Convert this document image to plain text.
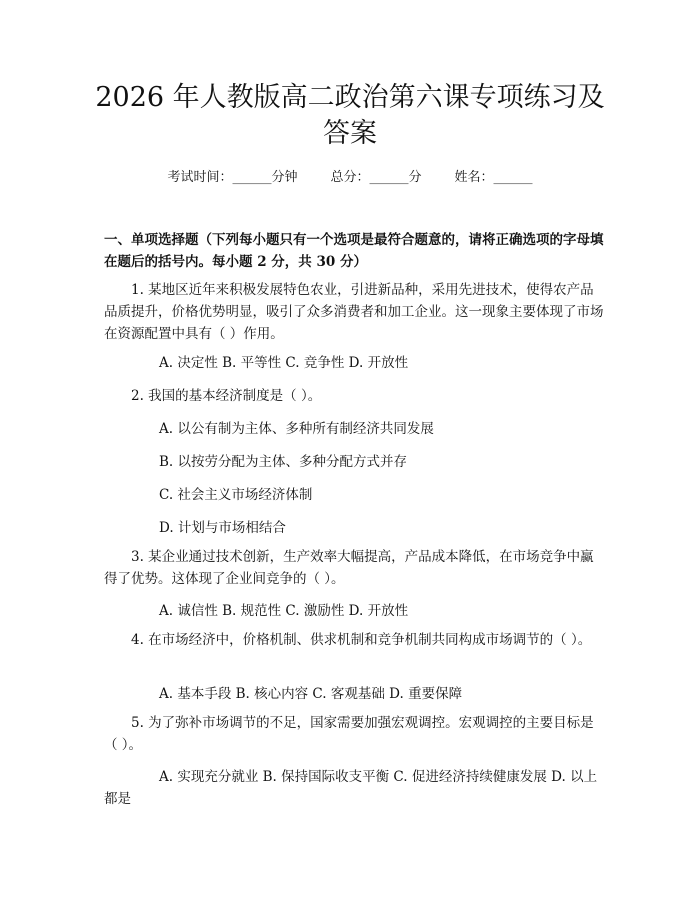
2026 年人教版高二政治第六课专项练习及答案
考试时间：______分钟        总分：______分        姓名：______
一、单项选择题（下列每小题只有一个选项是最符合题意的，请将正确选项的字母填在题后的括号内。每小题 2 分，共 30 分）
1. 某地区近年来积极发展特色农业，引进新品种，采用先进技术，使得农产品品质提升，价格优势明显，吸引了众多消费者和加工企业。这一现象主要体现了市场在资源配置中具有（ ）作用。
A. 决定性 B. 平等性 C. 竞争性 D. 开放性
2. 我国的基本经济制度是（ ）。
A. 以公有制为主体、多种所有制经济共同发展
B. 以按劳分配为主体、多种分配方式并存
C. 社会主义市场经济体制
D. 计划与市场相结合
3. 某企业通过技术创新，生产效率大幅提高，产品成本降低，在市场竞争中赢得了优势。这体现了企业间竞争的（ ）。
A. 诚信性 B. 规范性 C. 激励性 D. 开放性
4. 在市场经济中，价格机制、供求机制和竞争机制共同构成市场调节的（ ）。
A. 基本手段 B. 核心内容 C. 客观基础 D. 重要保障
5. 为了弥补市场调节的不足，国家需要加强宏观调控。宏观调控的主要目标是（ ）。
A. 实现充分就业 B. 保持国际收支平衡 C. 促进经济持续健康发展 D. 以上都是
